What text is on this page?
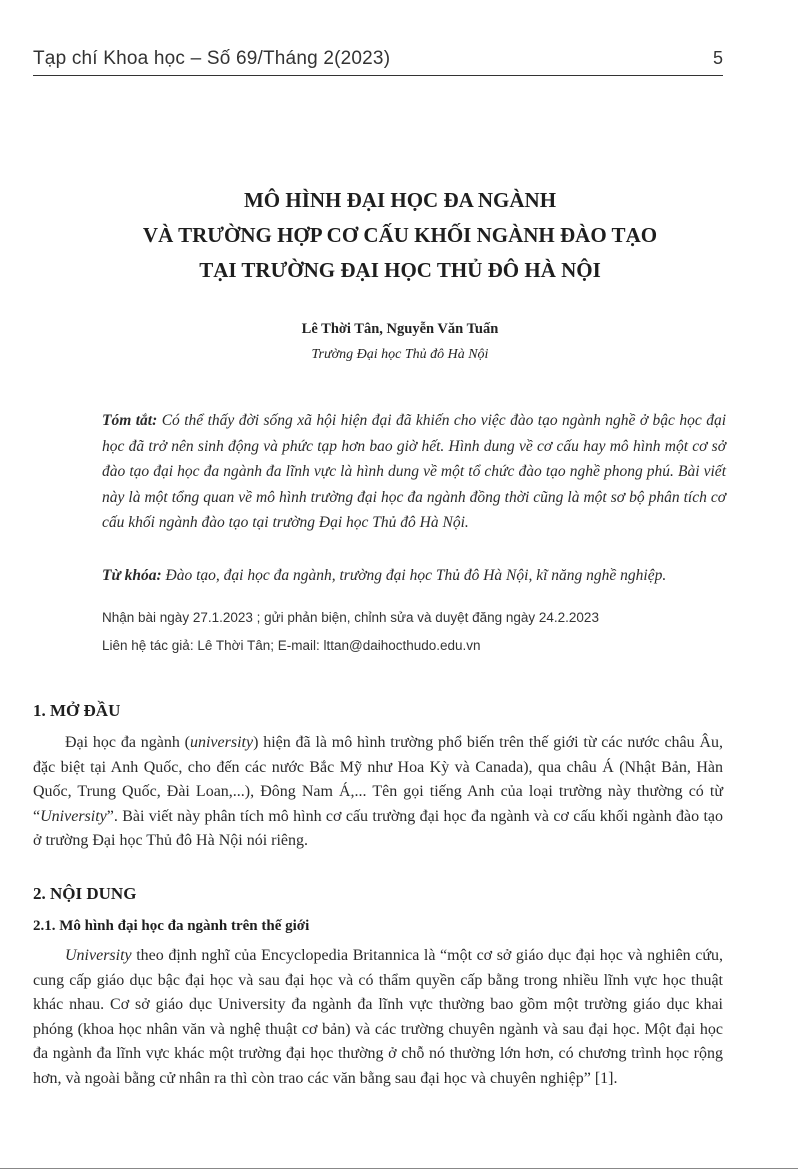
Tạp chí Khoa học – Số 69/Tháng 2(2023)	5
MÔ HÌNH ĐẠI HỌC ĐA NGÀNH
VÀ TRƯỜNG HỢP CƠ CẤU KHỐI NGÀNH ĐÀO TẠO
TẠI TRƯỜNG ĐẠI HỌC THỦ ĐÔ HÀ NỘI
Lê Thời Tân, Nguyễn Văn Tuấn
Trường Đại học Thủ đô Hà Nội
Tóm tắt: Có thể thấy đời sống xã hội hiện đại đã khiến cho việc đào tạo ngành nghề ở bậc học đại học đã trở nên sinh động và phức tạp hơn bao giờ hết. Hình dung về cơ cấu hay mô hình một cơ sở đào tạo đại học đa ngành đa lĩnh vực là hình dung về một tổ chức đào tạo nghề phong phú. Bài viết này là một tổng quan về mô hình trường đại học đa ngành đồng thời cũng là một sơ bộ phân tích cơ cấu khối ngành đào tạo tại trường Đại học Thủ đô Hà Nội.
Từ khóa: Đào tạo, đại học đa ngành, trường đại học Thủ đô Hà Nội, kĩ năng nghề nghiệp.
Nhận bài ngày 27.1.2023 ; gửi phản biện, chỉnh sửa và duyệt đăng ngày 24.2.2023
Liên hệ tác giả: Lê Thời Tân; E-mail: lttan@daihocthudo.edu.vn
1. MỞ ĐẦU
Đại học đa ngành (university) hiện đã là mô hình trường phổ biến trên thế giới từ các nước châu Âu, đặc biệt tại Anh Quốc, cho đến các nước Bắc Mỹ như Hoa Kỳ và Canada), qua châu Á (Nhật Bản, Hàn Quốc, Trung Quốc, Đài Loan,...), Đông Nam Á,... Tên gọi tiếng Anh của loại trường này thường có từ “University”. Bài viết này phân tích mô hình cơ cấu trường đại học đa ngành và cơ cấu khối ngành đào tạo ở trường Đại học Thủ đô Hà Nội nói riêng.
2. NỘI DUNG
2.1. Mô hình đại học đa ngành trên thế giới
University theo định nghĩ của Encyclopedia Britannica là “một cơ sở giáo dục đại học và nghiên cứu, cung cấp giáo dục bậc đại học và sau đại học và có thẩm quyền cấp bằng trong nhiều lĩnh vực học thuật khác nhau. Cơ sở giáo dục University đa ngành đa lĩnh vực thường bao gồm một trường giáo dục khai phóng (khoa học nhân văn và nghệ thuật cơ bản) và các trường chuyên ngành và sau đại học. Một đại học đa ngành đa lĩnh vực khác một trường đại học thường ở chỗ nó thường lớn hơn, có chương trình học rộng hơn, và ngoài bằng cử nhân ra thì còn trao các văn bằng sau đại học và chuyên nghiệp” [1].
